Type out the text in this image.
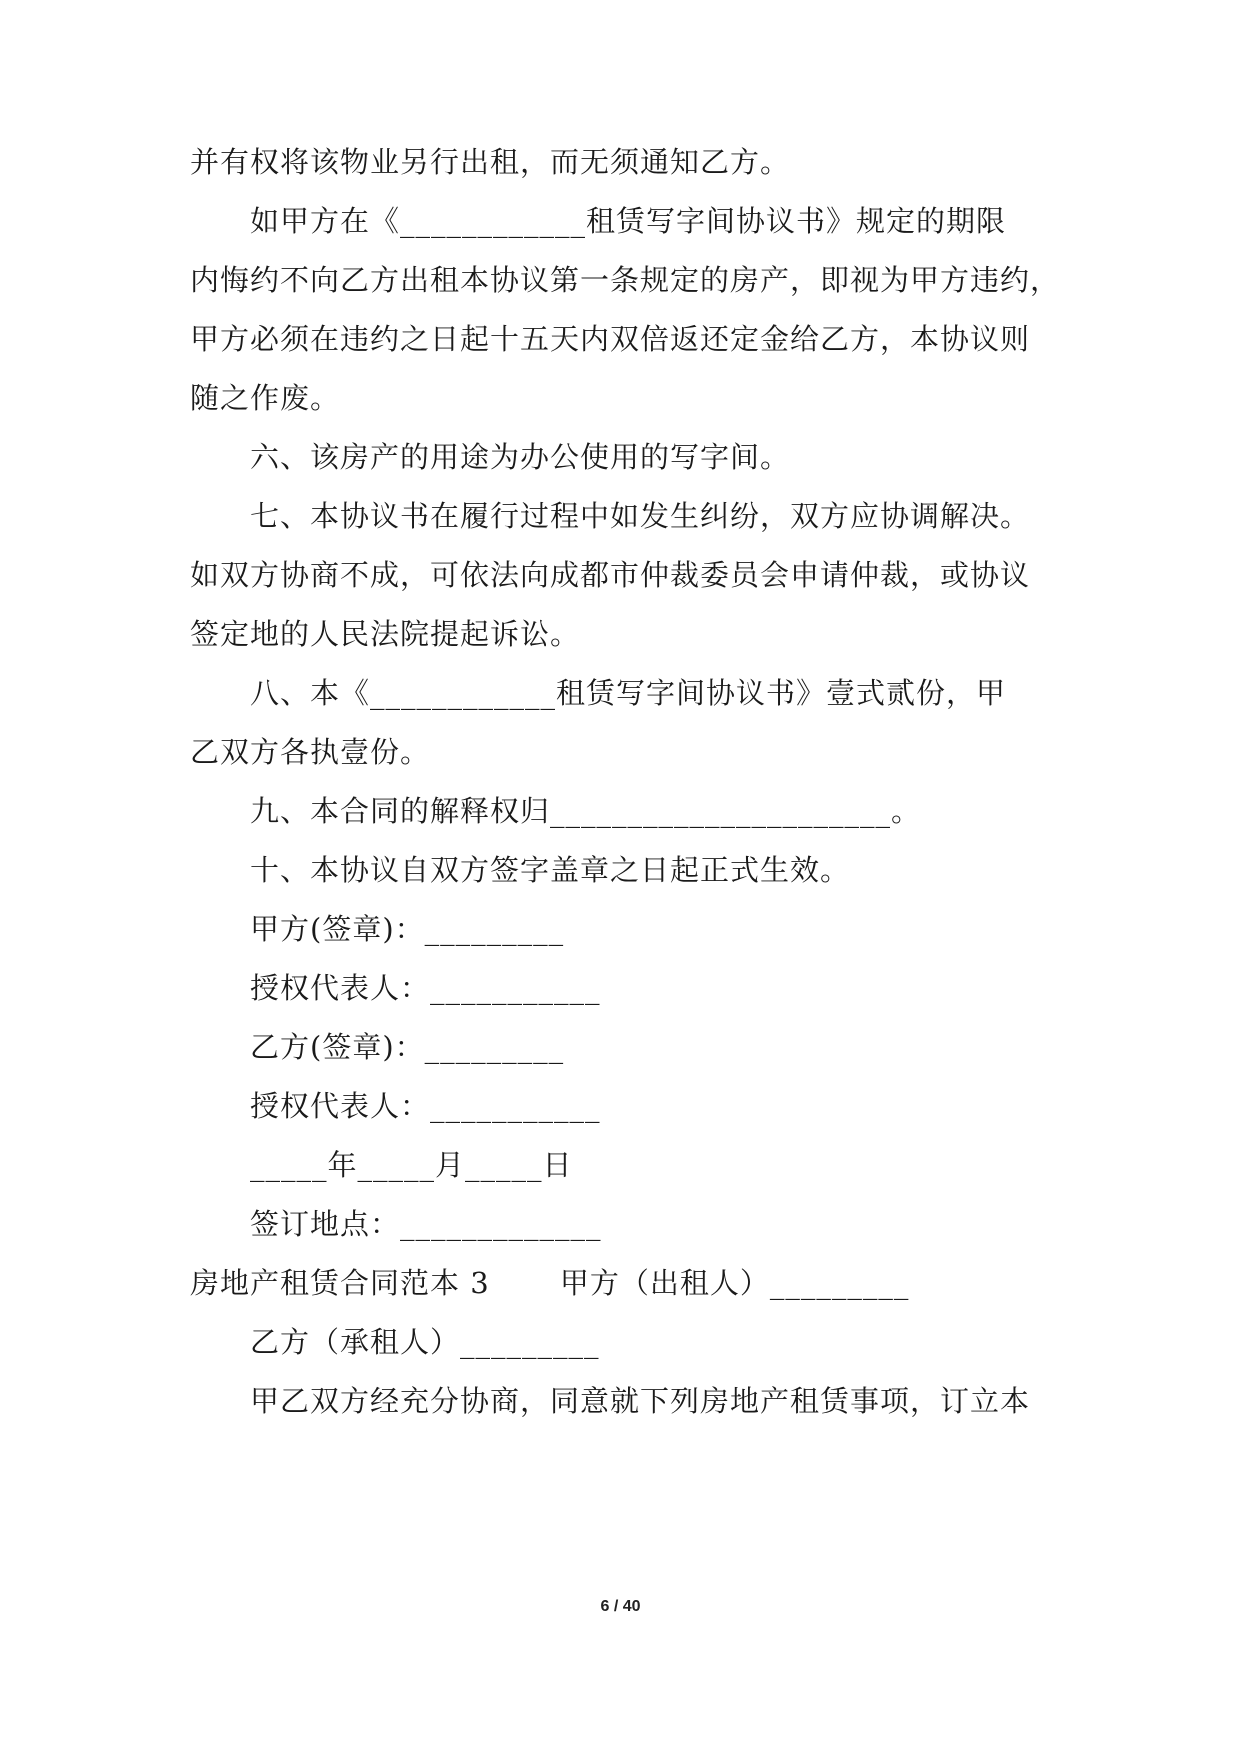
并有权将该物业另行出租，而无须通知乙方。
如甲方在《____________租赁写字间协议书》规定的期限
内悔约不向乙方出租本协议第一条规定的房产，即视为甲方违约，
甲方必须在违约之日起十五天内双倍返还定金给乙方，本协议则
随之作废。
六、该房产的用途为办公使用的写字间。
七、本协议书在履行过程中如发生纠纷，双方应协调解决。
如双方协商不成，可依法向成都市仲裁委员会申请仲裁，或协议
签定地的人民法院提起诉讼。
八、本《____________租赁写字间协议书》壹式贰份，甲
乙双方各执壹份。
九、本合同的解释权归______________________。
十、本协议自双方签字盖章之日起正式生效。
甲方(签章)：_________
授权代表人：___________
乙方(签章)：_________
授权代表人：___________
_____年_____月_____日
签订地点：_____________
房地产租赁合同范本 3　　 甲方（出租人）_________
乙方（承租人）_________
甲乙双方经充分协商，同意就下列房地产租赁事项，订立本
6 / 40
